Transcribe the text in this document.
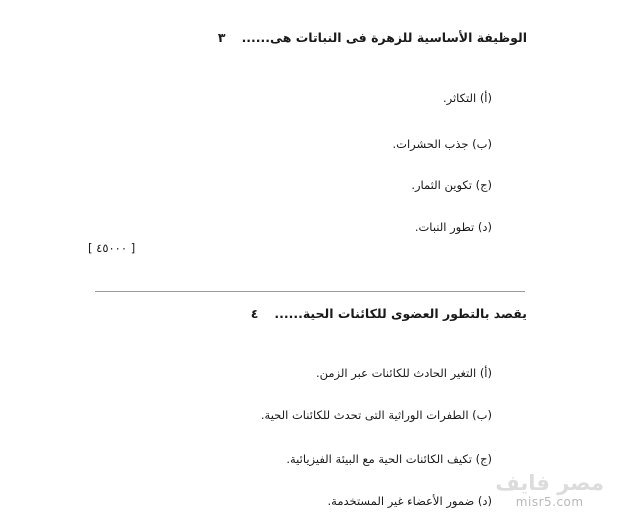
الوظيفة الأساسية للزهرة فى النباتات هى......
٣
(أ) التكاثر.
(ب) جذب الحشرات.
(ج) تكوين الثمار.
(د) تطور النبات.
[ ٤٥٠٠٠ ]
يقصد بالتطور العضوى للكائنات الحية......
٤
(أ) التغير الحادث للكائنات عبر الزمن.
(ب) الطفرات الوراثية التى تحدث للكائنات الحية.
(ج) تكيف الكائنات الحية مع البيئة الفيزيائية.
(د) ضمور الأعضاء غير المستخدمة.
مصر فايف
misr5.com
